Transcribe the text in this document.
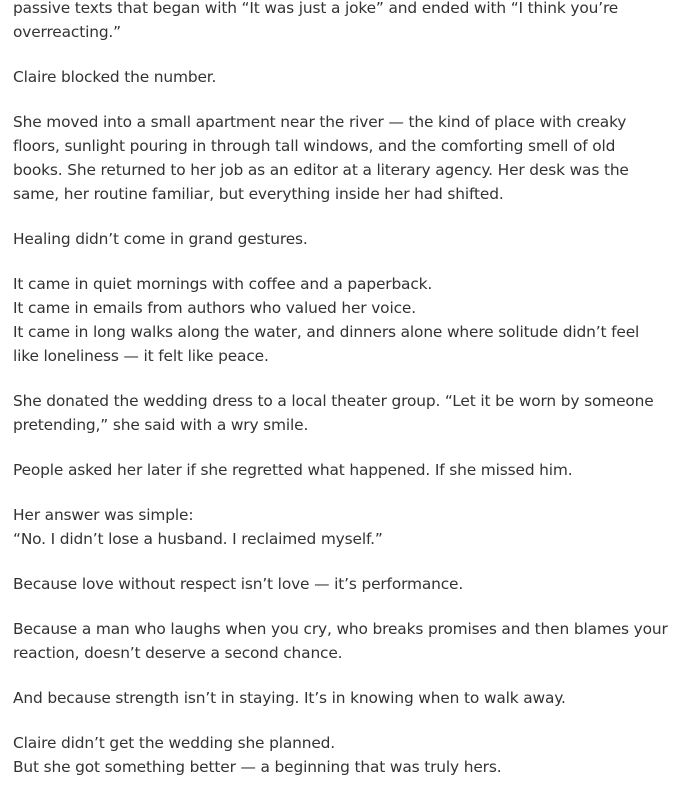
passive texts that began with “It was just a joke” and ended with “I think you’re overreacting.”

Claire blocked the number.

She moved into a small apartment near the river — the kind of place with creaky floors, sunlight pouring in through tall windows, and the comforting smell of old books. She returned to her job as an editor at a literary agency. Her desk was the same, her routine familiar, but everything inside her had shifted.

Healing didn’t come in grand gestures.

It came in quiet mornings with coffee and a paperback.
It came in emails from authors who valued her voice.
It came in long walks along the water, and dinners alone where solitude didn’t feel like loneliness — it felt like peace.

She donated the wedding dress to a local theater group. “Let it be worn by someone pretending,” she said with a wry smile.

People asked her later if she regretted what happened. If she missed him.

Her answer was simple:
“No. I didn’t lose a husband. I reclaimed myself.”

Because love without respect isn’t love — it’s performance.

Because a man who laughs when you cry, who breaks promises and then blames your reaction, doesn’t deserve a second chance.

And because strength isn’t in staying. It’s in knowing when to walk away.

Claire didn’t get the wedding she planned.
But she got something better — a beginning that was truly hers.
